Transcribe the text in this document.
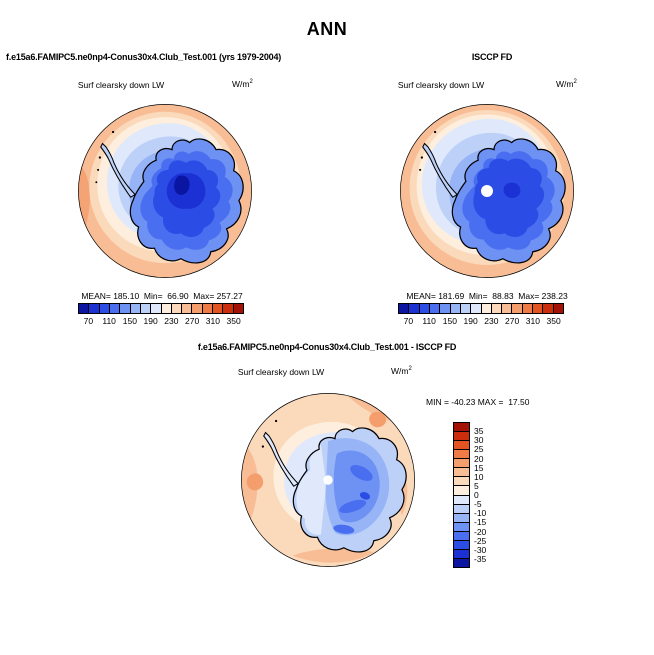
ANN
f.e15a6.FAMIPC5.ne0np4-Conus30x4.Club_Test.001 (yrs 1979-2004)	ISCCP FD
Surf clearsky down LW	$W/m^2$	Surf clearsky down LW	$W/m^2$
MEAN= 185.10  Min=  66.90  Max= 257.27	MEAN= 181.69  Min=  88.83  Max= 238.23
70 110 150 190 230 270 310 350	70 110 150 190 230 270 310 350
f.e15a6.FAMIPC5.ne0np4-Conus30x4.Club_Test.001 - ISCCP FD
Surf clearsky down LW	$W/m^2$
MIN = -40.23 MAX =  17.50
35
30
25
20
15
10
5
0
-5
-10
-15
-20
-25
-30
-35
